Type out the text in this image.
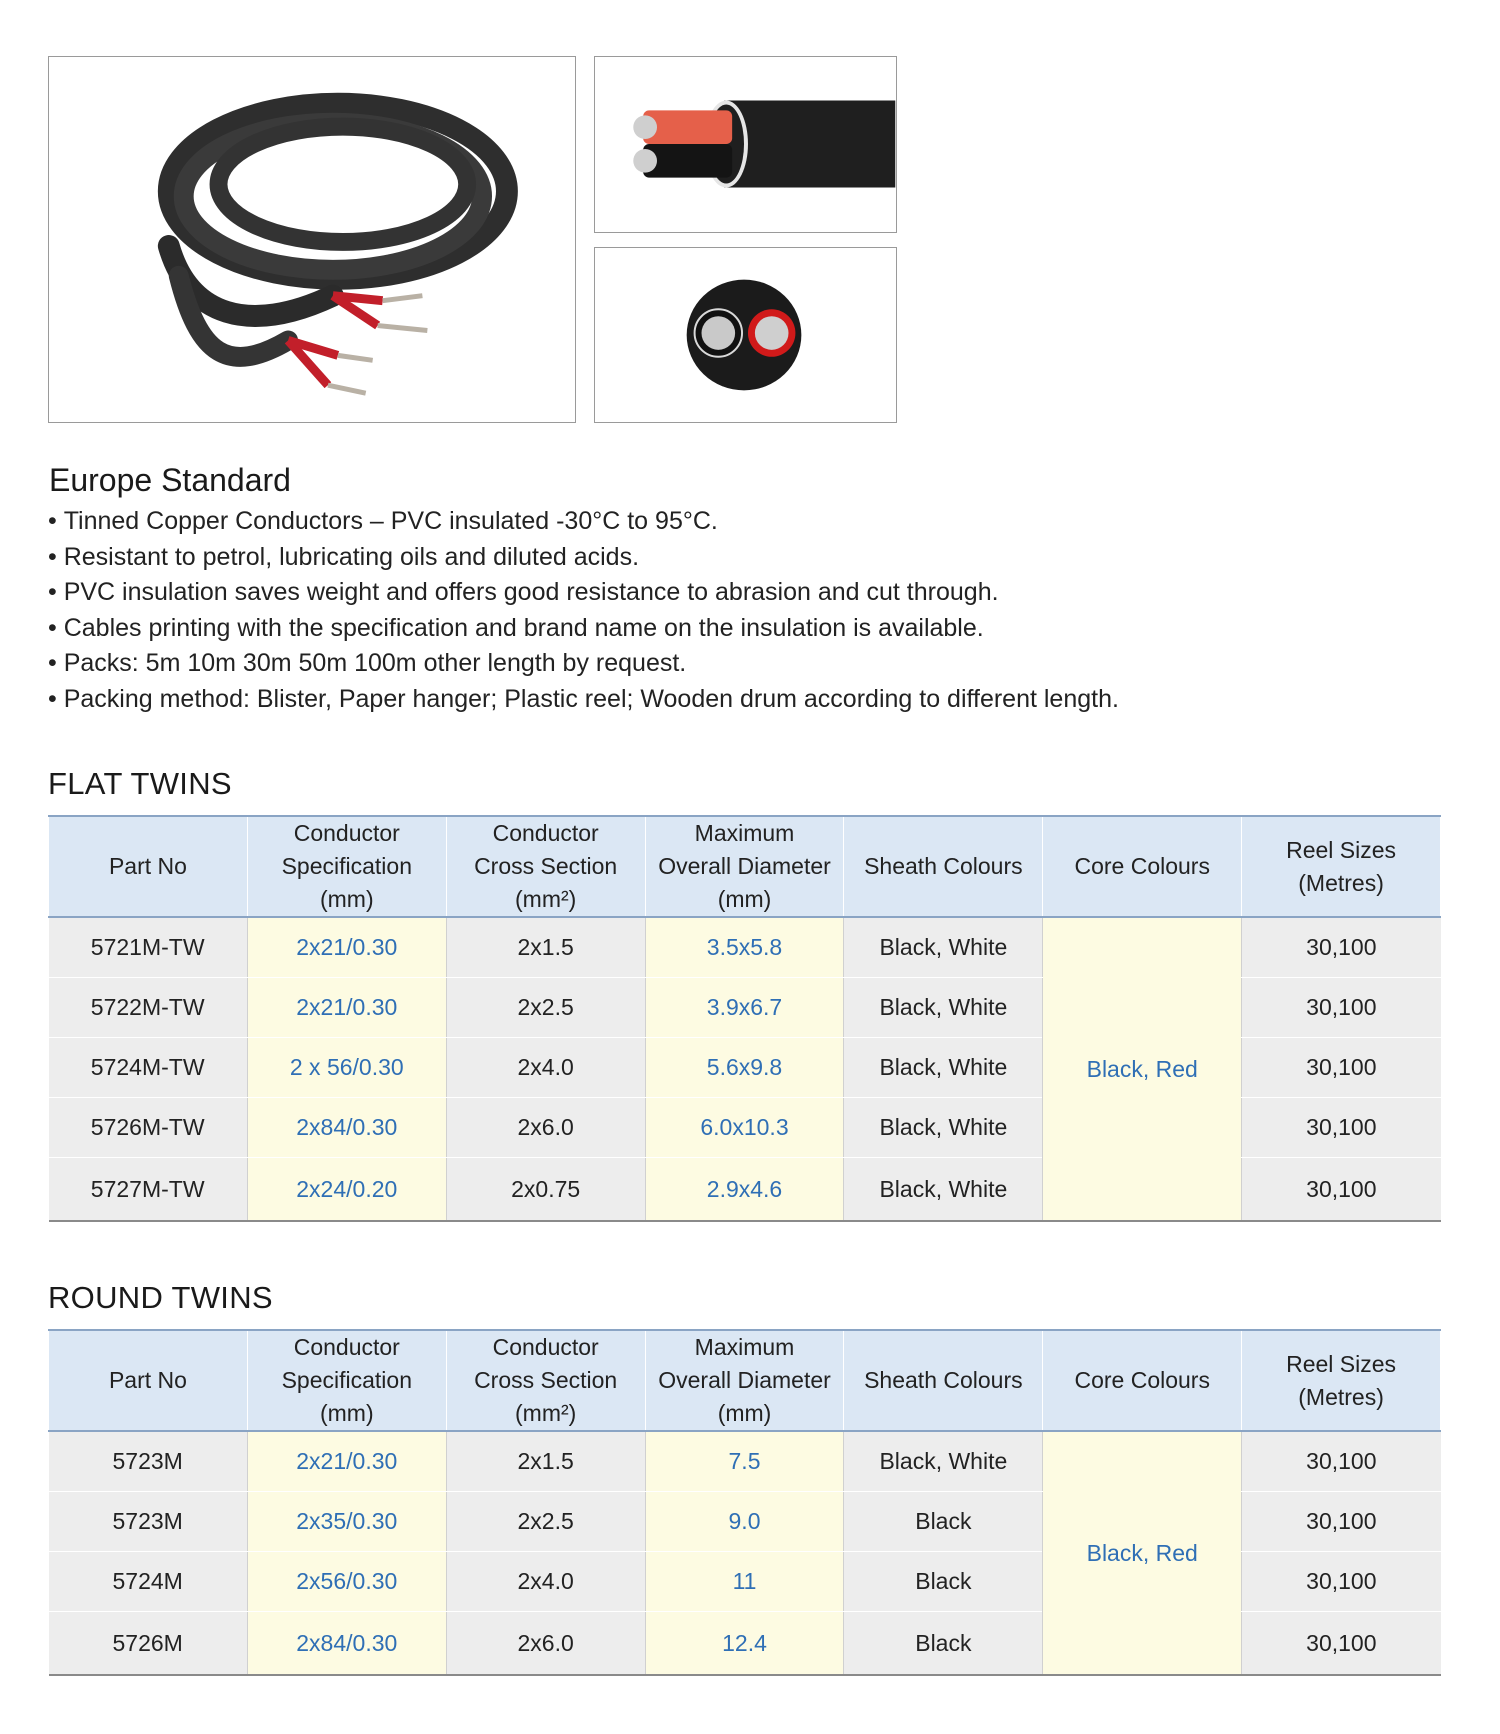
Europe Standard
• Tinned Copper Conductors – PVC insulated -30°C to 95°C.
• Resistant to petrol, lubricating oils and diluted acids.
• PVC insulation saves weight and offers good resistance to abrasion and cut through.
• Cables printing with the specification and brand name on the insulation is available.
• Packs: 5m 10m 30m 50m 100m other length by request.
• Packing method: Blister, Paper hanger; Plastic reel; Wooden drum according to different length.
FLAT TWINS
Part No	Conductor
Specification
(mm)	Conductor
Cross Section
(mm²)	Maximum
Overall Diameter
(mm)	Sheath Colours	Core Colours	Reel Sizes
(Metres)
5721M-TW	2x21/0.30	2x1.5	3.5x5.8	Black, White	Black, Red	30,100
5722M-TW	2x21/0.30	2x2.5	3.9x6.7	Black, White		30,100
5724M-TW	2 x 56/0.30	2x4.0	5.6x9.8	Black, White		30,100
5726M-TW	2x84/0.30	2x6.0	6.0x10.3	Black, White		30,100
5727M-TW	2x24/0.20	2x0.75	2.9x4.6	Black, White		30,100
ROUND TWINS
Part No	Conductor
Specification
(mm)	Conductor
Cross Section
(mm²)	Maximum
Overall Diameter
(mm)	Sheath Colours	Core Colours	Reel Sizes
(Metres)
5723M	2x21/0.30	2x1.5	7.5	Black, White	Black, Red	30,100
5723M	2x35/0.30	2x2.5	9.0	Black		30,100
5724M	2x56/0.30	2x4.0	11	Black		30,100
5726M	2x84/0.30	2x6.0	12.4	Black		30,100
